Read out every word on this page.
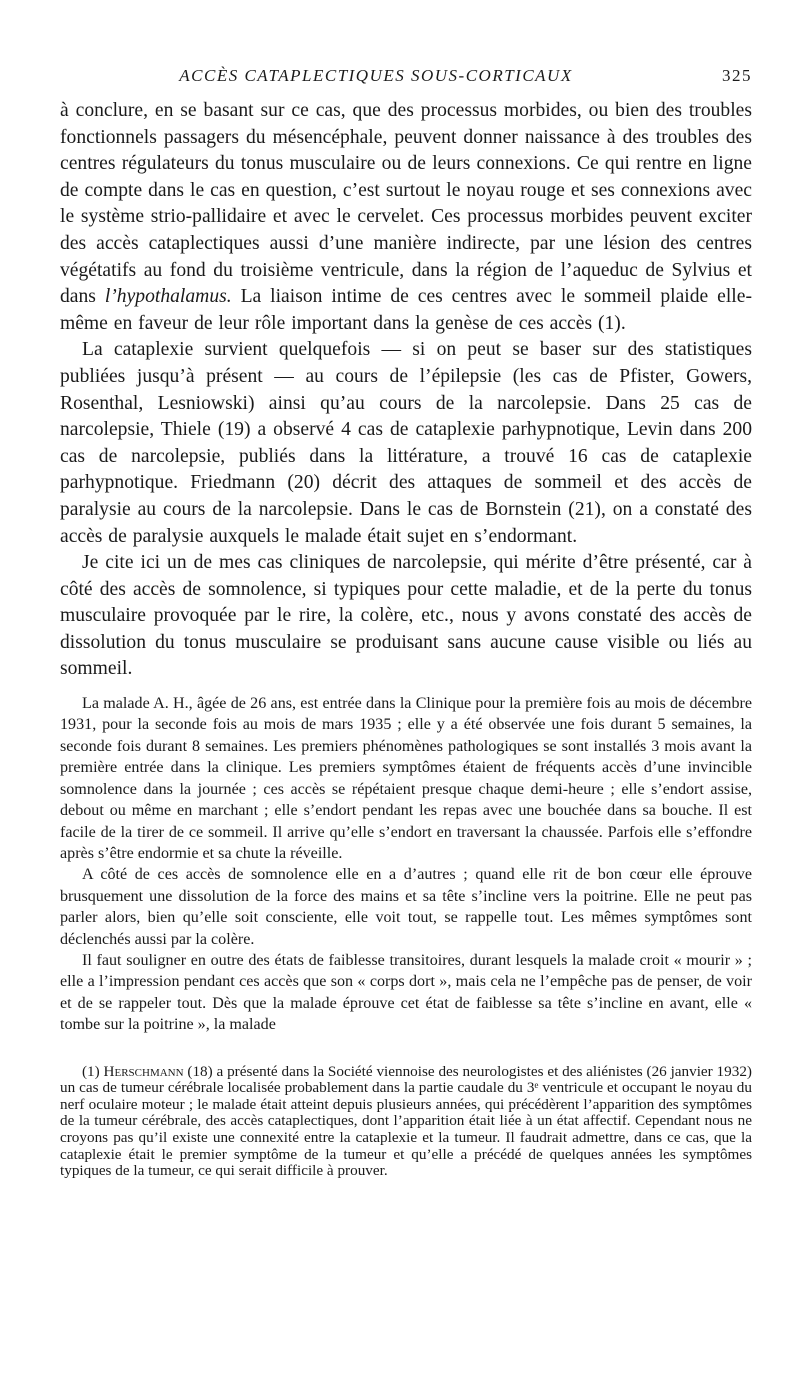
ACCÈS CATAPLECTIQUES SOUS-CORTICAUX	325

à conclure, en se basant sur ce cas, que des processus morbides, ou bien des troubles fonctionnels passagers du mésencéphale, peuvent donner naissance à des troubles des centres régulateurs du tonus musculaire ou de leurs connexions. Ce qui rentre en ligne de compte dans le cas en question, c’est surtout le noyau rouge et ses connexions avec le système strio-pallidaire et avec le cervelet. Ces processus morbides peuvent exciter des accès cataplectiques aussi d’une manière indirecte, par une lésion des centres végétatifs au fond du troisième ventricule, dans la région de l’aqueduc de Sylvius et dans l’hypothalamus. La liaison intime de ces centres avec le sommeil plaide elle-même en faveur de leur rôle important dans la genèse de ces accès (1).

La cataplexie survient quelquefois — si on peut se baser sur des statistiques publiées jusqu’à présent — au cours de l’épilepsie (les cas de Pfister, Gowers, Rosenthal, Lesniowski) ainsi qu’au cours de la narcolepsie. Dans 25 cas de narcolepsie, Thiele (19) a observé 4 cas de cataplexie parhypnotique, Levin dans 200 cas de narcolepsie, publiés dans la littérature, a trouvé 16 cas de cataplexie parhypnotique. Friedmann (20) décrit des attaques de sommeil et des accès de paralysie au cours de la narcolepsie. Dans le cas de Bornstein (21), on a constaté des accès de paralysie auxquels le malade était sujet en s’endormant.

Je cite ici un de mes cas cliniques de narcolepsie, qui mérite d’être présenté, car à côté des accès de somnolence, si typiques pour cette maladie, et de la perte du tonus musculaire provoquée par le rire, la colère, etc., nous y avons constaté des accès de dissolution du tonus musculaire se produisant sans aucune cause visible ou liés au sommeil.

La malade A. H., âgée de 26 ans, est entrée dans la Clinique pour la première fois au mois de décembre 1931, pour la seconde fois au mois de mars 1935 ; elle y a été observée une fois durant 5 semaines, la seconde fois durant 8 semaines. Les premiers phénomènes pathologiques se sont installés 3 mois avant la première entrée dans la clinique. Les premiers symptômes étaient de fréquents accès d’une invincible somnolence dans la journée ; ces accès se répétaient presque chaque demi-heure ; elle s’endort assise, debout ou même en marchant ; elle s’endort pendant les repas avec une bouchée dans sa bouche. Il est facile de la tirer de ce sommeil. Il arrive qu’elle s’endort en traversant la chaussée. Parfois elle s’effondre après s’être endormie et sa chute la réveille.

A côté de ces accès de somnolence elle en a d’autres ; quand elle rit de bon cœur elle éprouve brusquement une dissolution de la force des mains et sa tête s’incline vers la poitrine. Elle ne peut pas parler alors, bien qu’elle soit consciente, elle voit tout, se rappelle tout. Les mêmes symptômes sont déclenchés aussi par la colère.

Il faut souligner en outre des états de faiblesse transitoires, durant lesquels la malade croit « mourir » ; elle a l’impression pendant ces accès que son « corps dort », mais cela ne l’empêche pas de penser, de voir et de se rappeler tout. Dès que la malade éprouve cet état de faiblesse sa tête s’incline en avant, elle « tombe sur la poitrine », la malade

(1) Herschmann (18) a présenté dans la Société viennoise des neurologistes et des aliénistes (26 janvier 1932) un cas de tumeur cérébrale localisée probablement dans la partie caudale du 3ᵉ ventricule et occupant le noyau du nerf oculaire moteur ; le malade était atteint depuis plusieurs années, qui précédèrent l’apparition des symptômes de la tumeur cérébrale, des accès cataplectiques, dont l’apparition était liée à un état affectif. Cependant nous ne croyons pas qu’il existe une connexité entre la cataplexie et la tumeur. Il faudrait admettre, dans ce cas, que la cataplexie était le premier symptôme de la tumeur et qu’elle a précédé de quelques années les symptômes typiques de la tumeur, ce qui serait difficile à prouver.
